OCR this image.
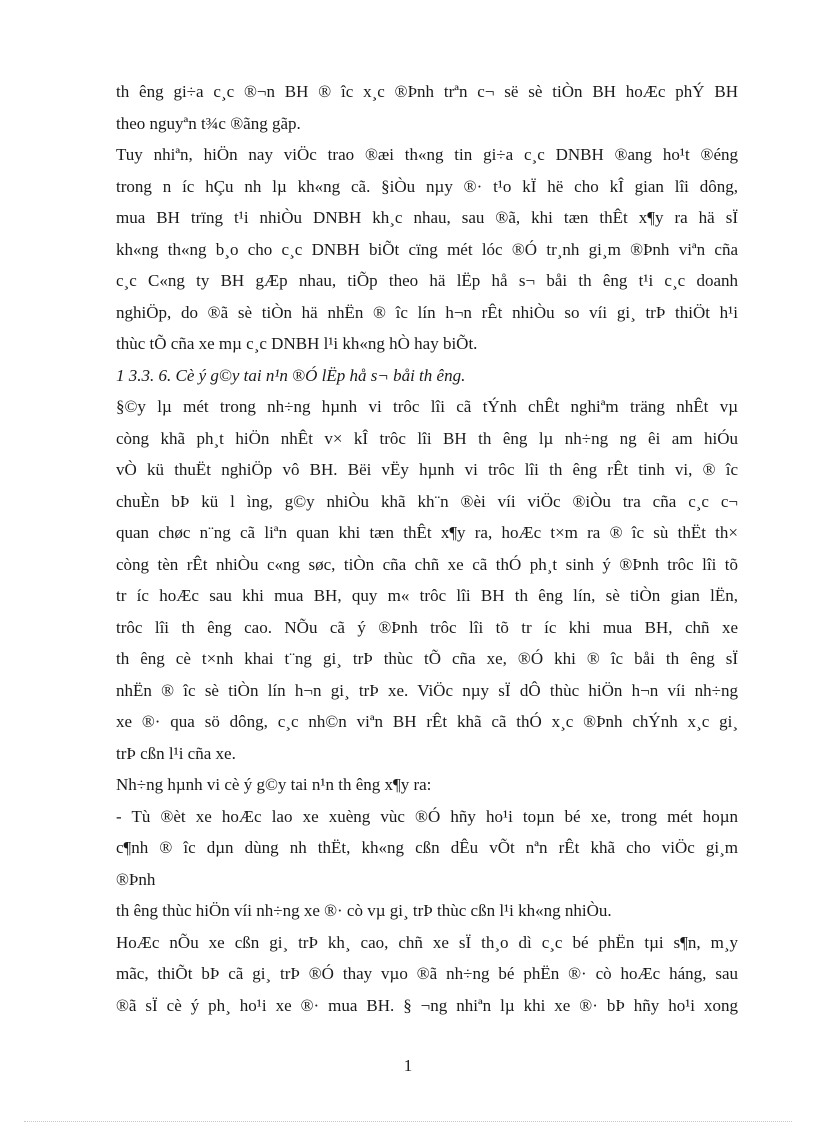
th êng gi÷a c¸c ®¬n BH ® îc x¸c ®Þnh trªn c¬ së sè tiÒn BH hoÆc phÝ BH
theo nguyªn t¾c ®ãng gãp.
Tuy nhiªn, hiÖn nay viÖc trao ®æi th«ng tin gi÷a c¸c DNBH ®ang ho¹t ®éng
trong n íc hÇu nh lµ kh«ng cã. §iÒu nµy ®· t¹o kÏ hë cho kÎ gian lîi dông,
mua BH trïng t¹i nhiÒu DNBH kh¸c nhau, sau ®ã, khi tæn thÊt x¶y ra hä sÏ
kh«ng th«ng b¸o cho c¸c DNBH biÕt cïng mét lóc ®Ó tr¸nh gi¸m ®Þnh viªn cña
c¸c C«ng ty BH gÆp nhau, tiÕp theo hä lËp hå s¬ båi th êng t¹i c¸c doanh
nghiÖp, do ®ã sè tiÒn hä nhËn ® îc lín h¬n rÊt nhiÒu so víi gi¸ trÞ thiÖt h¹i
thùc tÕ cña xe mµ c¸c DNBH l¹i kh«ng hÒ hay biÕt.
1 3.3. 6. Cè ý g©y tai n¹n ®Ó lËp hå s¬ båi th êng.
§©y lµ mét trong nh÷ng hµnh vi trôc lîi cã tÝnh chÊt nghiªm träng nhÊt vµ
còng khã ph¸t hiÖn nhÊt v× kÎ trôc lîi BH th êng lµ nh÷ng ng êi am hiÓu
vÒ kü thuËt nghiÖp vô BH. Bëi vËy hµnh vi trôc lîi th êng rÊt tinh vi, ® îc
chuÈn bÞ kü l ìng, g©y nhiÒu khã kh¨n ®èi víi viÖc ®iÒu tra cña c¸c c¬
quan chøc n¨ng cã liªn quan khi tæn thÊt x¶y ra, hoÆc t×m ra ® îc sù thËt th×
còng tèn rÊt nhiÒu c«ng søc, tiÒn cña chñ xe cã thÓ ph¸t sinh ý ®Þnh trôc lîi tõ
tr íc hoÆc sau khi mua BH, quy m« trôc lîi BH th êng lín, sè tiÒn gian lËn,
trôc lîi th êng cao. NÕu cã ý ®Þnh trôc lîi tõ tr íc khi mua BH, chñ xe
th êng cè t×nh khai t¨ng gi¸ trÞ thùc tÕ cña xe, ®Ó khi ® îc båi th êng sÏ
nhËn ® îc sè tiÒn lín h¬n gi¸ trÞ xe. ViÖc nµy sÏ dÔ thùc hiÖn h¬n víi nh÷ng
xe ®· qua sö dông, c¸c nh©n viªn BH rÊt khã cã thÓ x¸c ®Þnh chÝnh x¸c gi¸
trÞ cßn l¹i cña xe.
Nh÷ng hµnh vi cè ý g©y tai n¹n th êng x¶y ra:
- Tù ®èt xe hoÆc lao xe xuèng vùc ®Ó hñy ho¹i toµn bé xe, trong mét hoµn
c¶nh ® îc dµn dùng nh thËt, kh«ng cßn dÊu vÕt nªn rÊt khã cho viÖc gi¸m
®Þnh
th êng thùc hiÖn víi nh÷ng xe ®· cò vµ gi¸ trÞ thùc cßn l¹i kh«ng nhiÒu.
HoÆc nÕu xe cßn gi¸ trÞ kh¸ cao, chñ xe sÏ th¸o dì c¸c bé phËn tµi s¶n, m¸y
mãc, thiÕt bÞ cã gi¸ trÞ ®Ó thay vµo ®ã nh÷ng bé phËn ®· cò hoÆc háng, sau
®ã sÏ cè ý ph¸ ho¹i xe ®· mua BH. § ¬ng nhiªn lµ khi xe ®· bÞ hñy ho¹i xong
1
